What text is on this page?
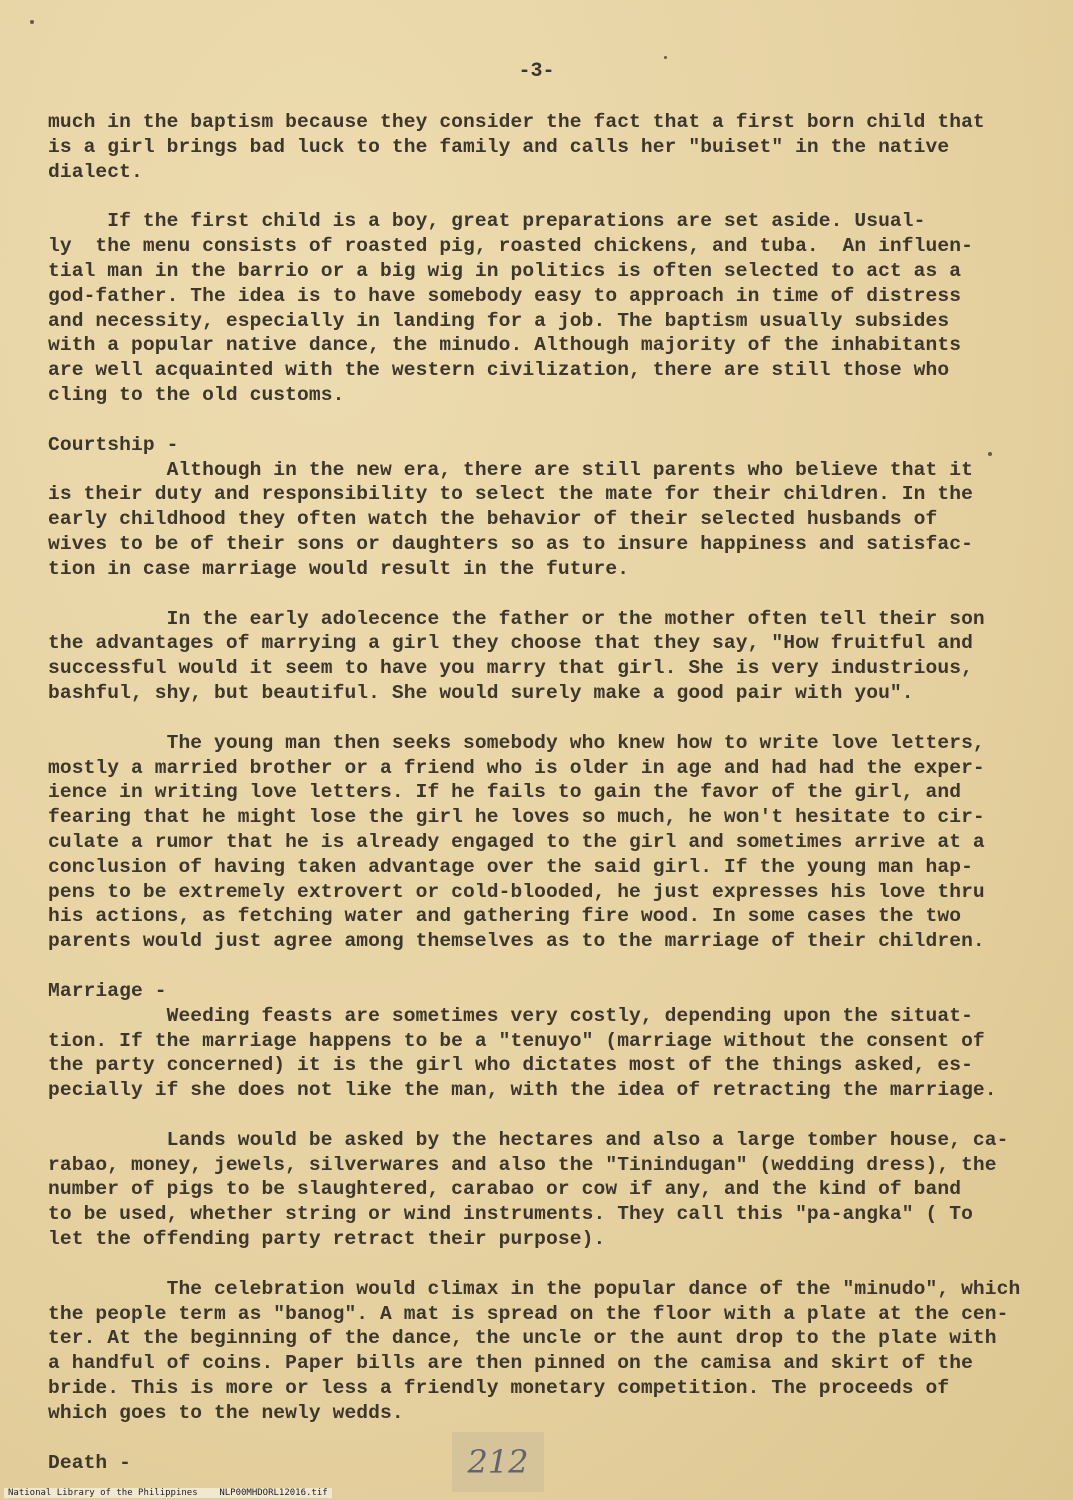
-3-
much in the baptism because they consider the fact that a first born child that
is a girl brings bad luck to the family and calls her "buiset" in the native
dialect.
If the first child is a boy, great preparations are set aside. Usual-
ly  the menu consists of roasted pig, roasted chickens, and tuba.  An influen-
tial man in the barrio or a big wig in politics is often selected to act as a
god-father. The idea is to have somebody easy to approach in time of distress
and necessity, especially in landing for a job. The baptism usually subsides
with a popular native dance, the minudo. Although majority of the inhabitants
are well acquainted with the western civilization, there are still those who
cling to the old customs.
Courtship -
Although in the new era, there are still parents who believe that it
is their duty and responsibility to select the mate for their children. In the
early childhood they often watch the behavior of their selected husbands of
wives to be of their sons or daughters so as to insure happiness and satisfac-
tion in case marriage would result in the future.
In the early adolecence the father or the mother often tell their son
the advantages of marrying a girl they choose that they say, "How fruitful and
successful would it seem to have you marry that girl. She is very industrious,
bashful, shy, but beautiful. She would surely make a good pair with you".
The young man then seeks somebody who knew how to write love letters,
mostly a married brother or a friend who is older in age and had had the exper-
ience in writing love letters. If he fails to gain the favor of the girl, and
fearing that he might lose the girl he loves so much, he won't hesitate to cir-
culate a rumor that he is already engaged to the girl and sometimes arrive at a
conclusion of having taken advantage over the said girl. If the young man hap-
pens to be extremely extrovert or cold-blooded, he just expresses his love thru
his actions, as fetching water and gathering fire wood. In some cases the two
parents would just agree among themselves as to the marriage of their children.
Marriage -
Weeding feasts are sometimes very costly, depending upon the situat-
tion. If the marriage happens to be a "tenuyo" (marriage without the consent of
the party concerned) it is the girl who dictates most of the things asked, es-
pecially if she does not like the man, with the idea of retracting the marriage.
Lands would be asked by the hectares and also a large tomber house, ca-
rabao, money, jewels, silverwares and also the "Tinindugan" (wedding dress), the
number of pigs to be slaughtered, carabao or cow if any, and the kind of band
to be used, whether string or wind instruments. They call this "pa-angka" ( To
let the offending party retract their purpose).
The celebration would climax in the popular dance of the "minudo", which
the people term as "banog". A mat is spread on the floor with a plate at the cen-
ter. At the beginning of the dance, the uncle or the aunt drop to the plate with
a handful of coins. Paper bills are then pinned on the camisa and skirt of the
bride. This is more or less a friendly monetary competition. The proceeds of
which goes to the newly wedds.
Death -	212
National Library of the Philippines    NLP00MHDORL12016.tif
